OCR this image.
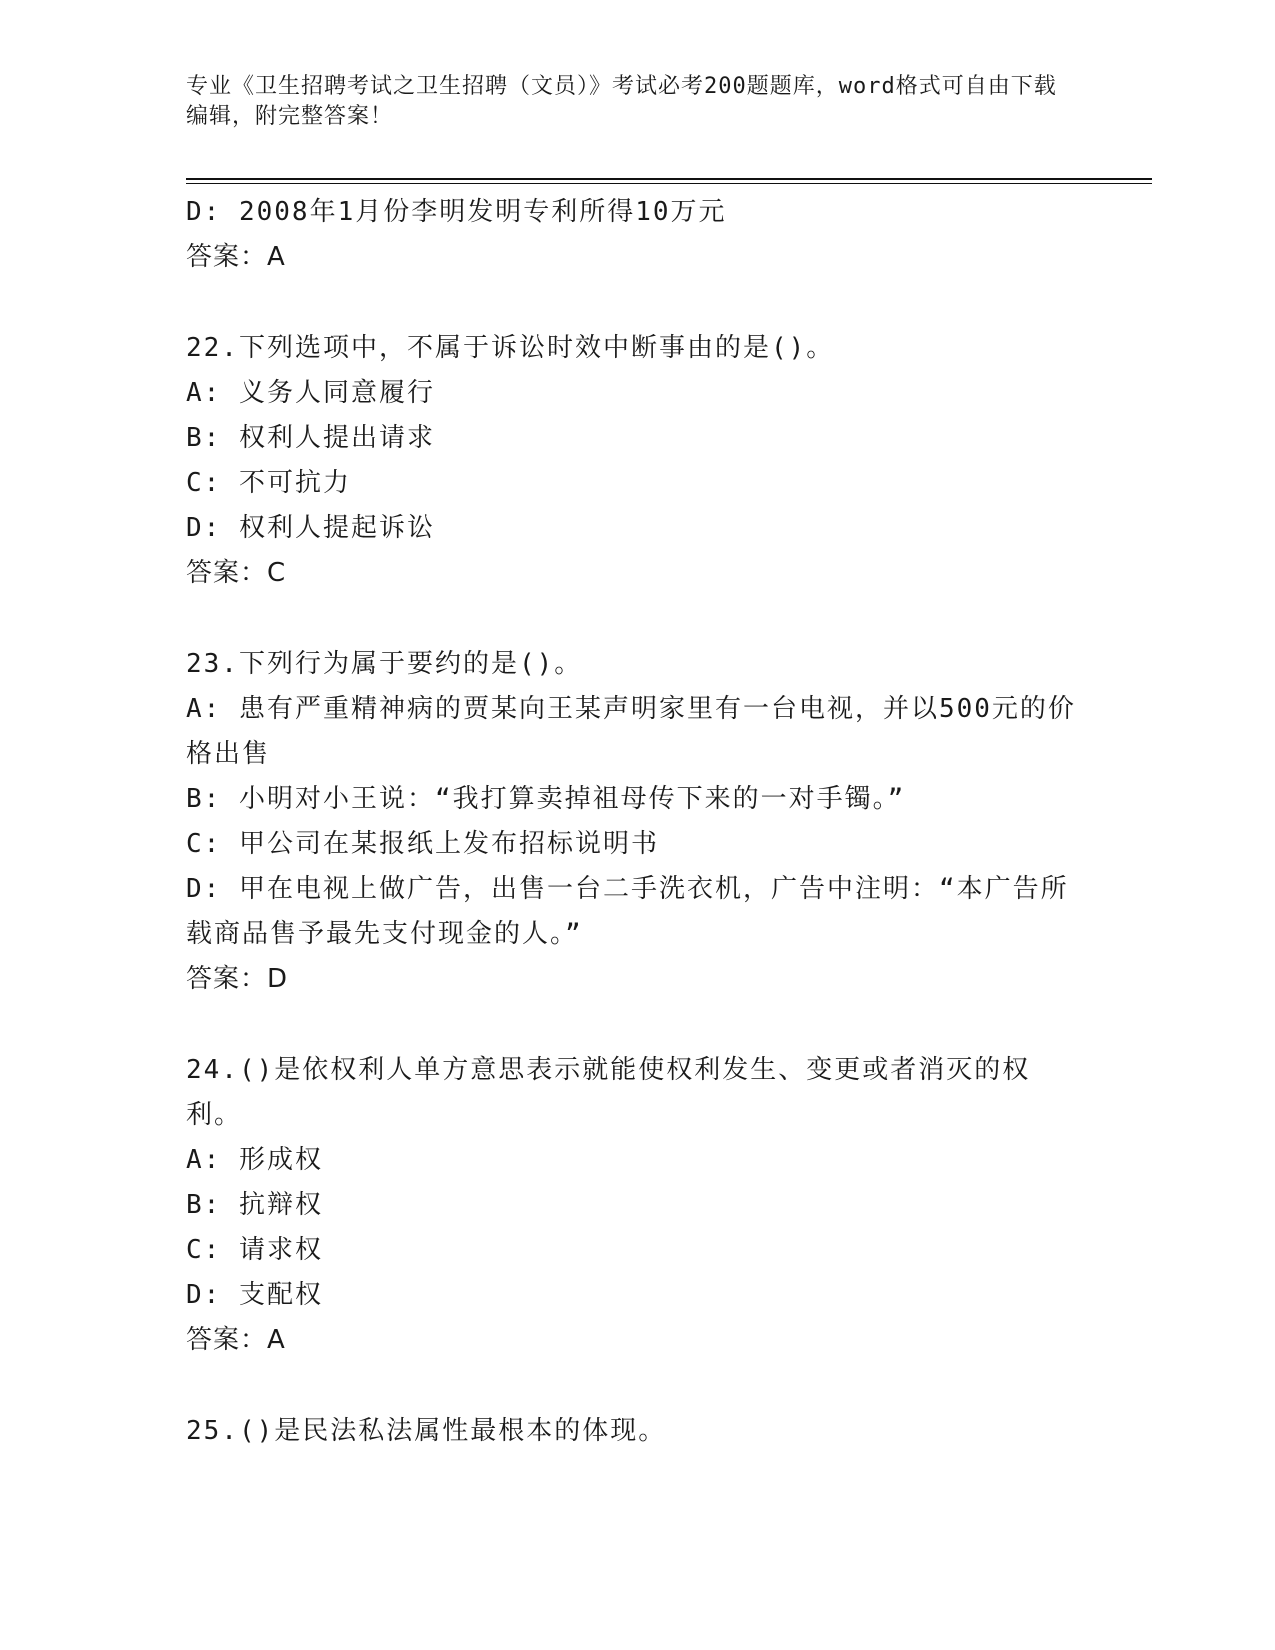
专业《卫生招聘考试之卫生招聘（文员）》考试必考200题题库，word格式可自由下载编辑，附完整答案！
D: 2008年1月份李明发明专利所得10万元
答案：A
22.下列选项中，不属于诉讼时效中断事由的是()。
A: 义务人同意履行
B: 权利人提出请求
C: 不可抗力
D: 权利人提起诉讼
答案：C
23.下列行为属于要约的是()。
A: 患有严重精神病的贾某向王某声明家里有一台电视，并以500元的价格出售
B: 小明对小王说：“我打算卖掉祖母传下来的一对手镯。”
C: 甲公司在某报纸上发布招标说明书
D: 甲在电视上做广告，出售一台二手洗衣机，广告中注明：“本广告所载商品售予最先支付现金的人。”
答案：D
24.()是依权利人单方意思表示就能使权利发生、变更或者消灭的权利。
A: 形成权
B: 抗辩权
C: 请求权
D: 支配权
答案：A
25.()是民法私法属性最根本的体现。
